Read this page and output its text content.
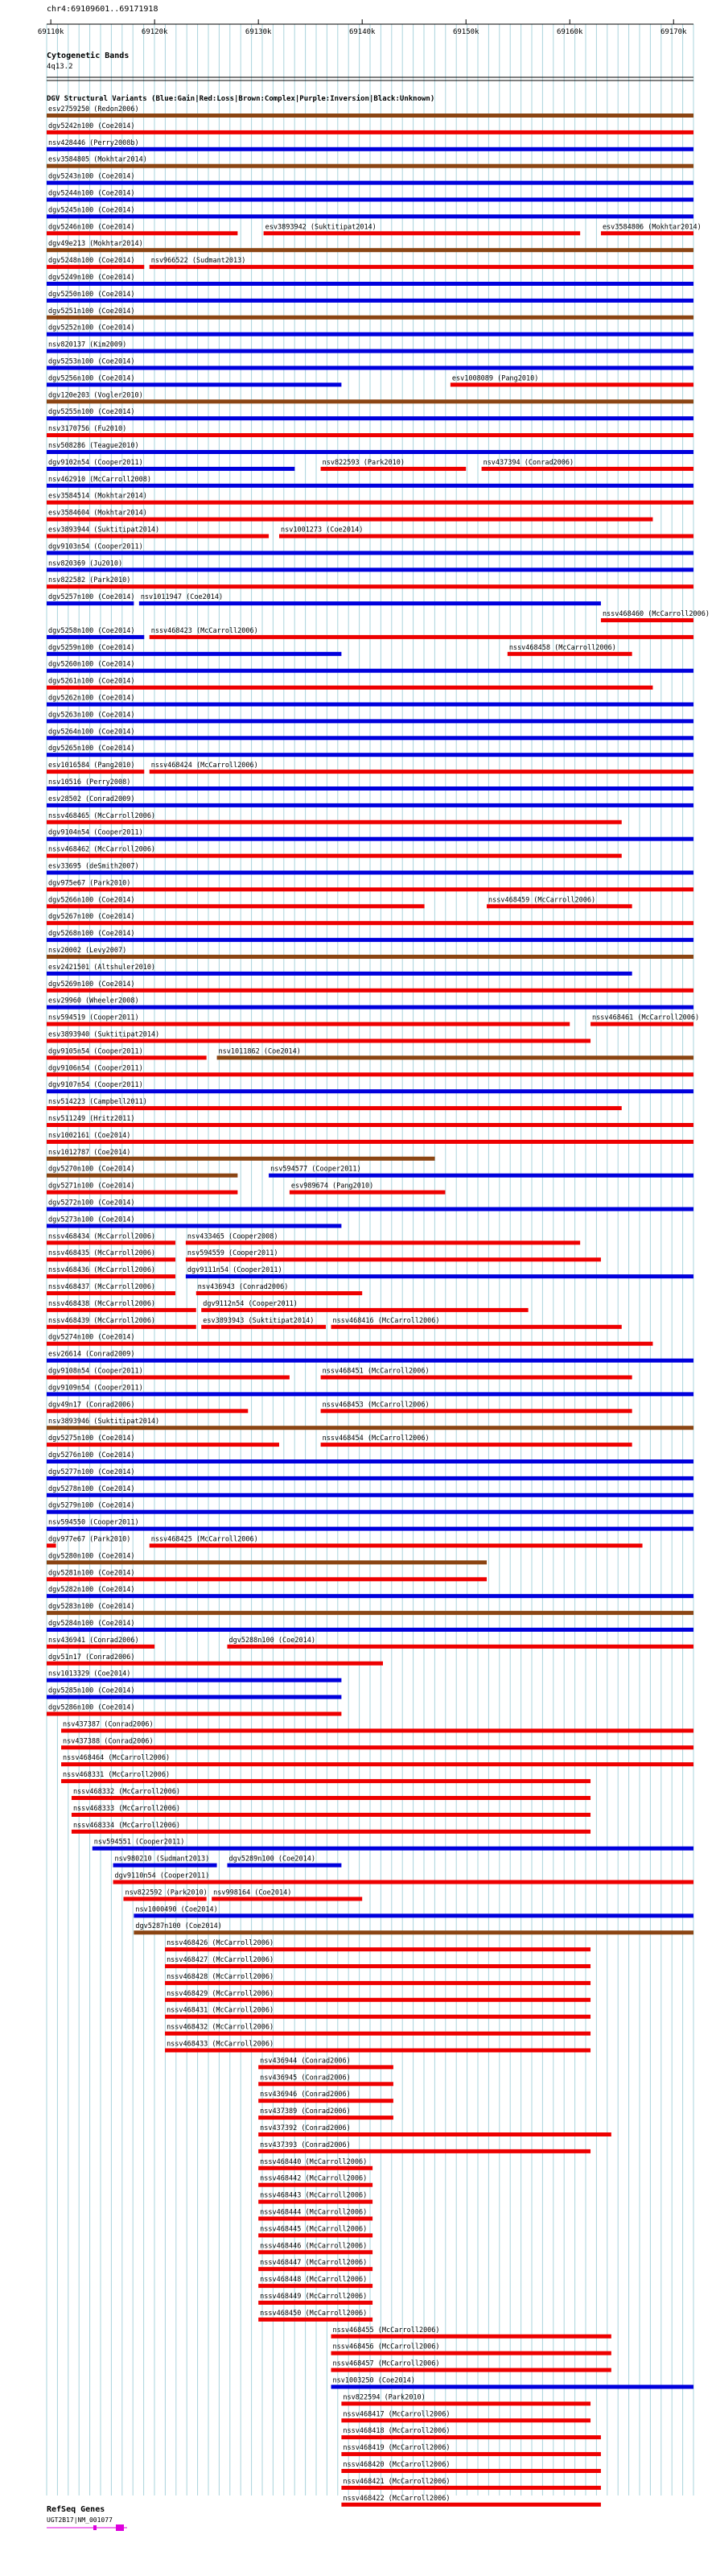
69110k	69120k	69130k	69140k	69150k	69160k	69170k
esv2759250 (Redon2006)
dgv5242n100 (Coe2014)
nsv428446 (Perry2008b)
esv3584805 (Mokhtar2014)
dgv5243n100 (Coe2014)
dgv5244n100 (Coe2014)
dgv5245n100 (Coe2014)
dgv5246n100 (Coe2014)	esv3893942 (Suktitipat2014)	esv3584806 (Mokhtar2014)
dgv49e213 (Mokhtar2014)
dgv5248n100 (Coe2014) nsv966522 (Sudmant2013)
dgv5249n100 (Coe2014)
dgv5250n100 (Coe2014)
dgv5251n100 (Coe2014)
dgv5252n100 (Coe2014)
nsv820137 (Kim2009)
dgv5253n100 (Coe2014)
dgv5256n100 (Coe2014)	esv1008089 (Pang2010)
dgv120e203 (Vogler2010)
dgv5255n100 (Coe2014)
nsv3170756 (Fu2010)
nsv508286 (Teague2010)
dgv9102n54 (Cooper2011)	nsv822593 (Park2010)	nsv437394 (Conrad2006)
nsv462910 (McCarroll2008)
esv3584514 (Mokhtar2014)
esv3584604 (Mokhtar2014)
esv3893944 (Suktitipat2014)	nsv1001273 (Coe2014)
dgv9103n54 (Cooper2011)
nsv820369 (Ju2010)
nsv822582 (Park2010)
dgv5257n100 (Coe2014) nsv1011947 (Coe2014)
nssv468460 (McCarroll2006)
dgv5258n100 (Coe2014) nssv468423 (McCarroll2006)
dgv5259n100 (Coe2014)	nssv468458 (McCarroll2006)
dgv5260n100 (Coe2014)
dgv5261n100 (Coe2014)
dgv5262n100 (Coe2014)
dgv5263n100 (Coe2014)
dgv5264n100 (Coe2014)
dgv5265n100 (Coe2014)
esv1016584 (Pang2010) nssv468424 (McCarroll2006)
nsv10516 (Perry2008)
esv28502 (Conrad2009)
nssv468465 (McCarroll2006)
dgv9104n54 (Cooper2011)
nssv468462 (McCarroll2006)
esv33695 (deSmith2007)
dgv975e67 (Park2010)
dgv5266n100 (Coe2014)	nssv468459 (McCarroll2006)
dgv5267n100 (Coe2014)
dgv5268n100 (Coe2014)
nsv20002 (Levy2007)
esv2421501 (Altshuler2010)
dgv5269n100 (Coe2014)
esv29960 (Wheeler2008)
nsv594519 (Cooper2011)	nssv468461 (McCarroll2006)
esv3893940 (Suktitipat2014)
dgv9105n54 (Cooper2011)	nsv1011862 (Coe2014)
dgv9106n54 (Cooper2011)
dgv9107n54 (Cooper2011)
nsv514223 (Campbell2011)
nsv511249 (Hritz2011)
nsv1002161 (Coe2014)
nsv1012787 (Coe2014)
dgv5270n100 (Coe2014)	nsv594577 (Cooper2011)
dgv5271n100 (Coe2014)	esv989674 (Pang2010)
dgv5272n100 (Coe2014)
dgv5273n100 (Coe2014)
nssv468434 (McCarroll2006)	nsv433465 (Cooper2008)
nssv468435 (McCarroll2006)	nsv594559 (Cooper2011)
nssv468436 (McCarroll2006)	dgv9111n54 (Cooper2011)
nssv468437 (McCarroll2006)	nsv436943 (Conrad2006)
nssv468438 (McCarroll2006)	dgv9112n54 (Cooper2011)
nssv468439 (McCarroll2006)	esv3893943 (Suktitipat2014)	nssv468416 (McCarroll2006)
dgv5274n100 (Coe2014)
esv26614 (Conrad2009)
dgv9108n54 (Cooper2011)	nssv468451 (McCarroll2006)
dgv9109n54 (Cooper2011)
dgv49n17 (Conrad2006)	nssv468453 (McCarroll2006)
nsv3893946 (Suktitipat2014)
dgv5275n100 (Coe2014)	nssv468454 (McCarroll2006)
dgv5276n100 (Coe2014)
dgv5277n100 (Coe2014)
dgv5278n100 (Coe2014)
dgv5279n100 (Coe2014)
nsv594550 (Cooper2011)
dgv977e67 (Park2010)	nssv468425 (McCarroll2006)
dgv5280n100 (Coe2014)
dgv5281n100 (Coe2014)
dgv5282n100 (Coe2014)
dgv5283n100 (Coe2014)
dgv5284n100 (Coe2014)
nsv436941 (Conrad2006)	dgv5288n100 (Coe2014)
dgv51n17 (Conrad2006)
nsv1013329 (Coe2014)
dgv5285n100 (Coe2014)
dgv5286n100 (Coe2014)
nsv437387 (Conrad2006)
nsv437388 (Conrad2006)
nssv468464 (McCarroll2006)
nssv468331 (McCarroll2006)
nssv468332 (McCarroll2006)
nssv468333 (McCarroll2006)
nssv468334 (McCarroll2006)
nsv594551 (Cooper2011)
nsv980210 (Sudmant2013)	dgv5289n100 (Coe2014)
dgv9110n54 (Cooper2011)
nsv822592 (Park2010) nsv998164 (Coe2014)
nsv1000490 (Coe2014)
dgv5287n100 (Coe2014)
nssv468426 (McCarroll2006)
nssv468427 (McCarroll2006)
nssv468428 (McCarroll2006)
nssv468429 (McCarroll2006)
nssv468431 (McCarroll2006)
nssv468432 (McCarroll2006)
nssv468433 (McCarroll2006)
nsv436944 (Conrad2006)
nsv436945 (Conrad2006)
nsv436946 (Conrad2006)
nsv437389 (Conrad2006)
nsv437392 (Conrad2006)
nsv437393 (Conrad2006)
nssv468440 (McCarroll2006)
nssv468442 (McCarroll2006)
nssv468443 (McCarroll2006)
nssv468444 (McCarroll2006)
nssv468445 (McCarroll2006)
nssv468446 (McCarroll2006)
nssv468447 (McCarroll2006)
nssv468448 (McCarroll2006)
nssv468449 (McCarroll2006)
nssv468450 (McCarroll2006)
nssv468455 (McCarroll2006)
nssv468456 (McCarroll2006)
nssv468457 (McCarroll2006)
nsv1003250 (Coe2014)
nsv822594 (Park2010)
nssv468417 (McCarroll2006)
nssv468418 (McCarroll2006)
nssv468419 (McCarroll2006)
nssv468420 (McCarroll2006)
nssv468421 (McCarroll2006)
nssv468422 (McCarroll2006)
chr4:69109601..69171918
Cytogenetic Bands
4q13.2
DGV Structural Variants (Blue:Gain|Red:Loss|Brown:Complex|Purple:Inversion|Black:Unknown)
RefSeq Genes
UGT2B17|NM_001077
